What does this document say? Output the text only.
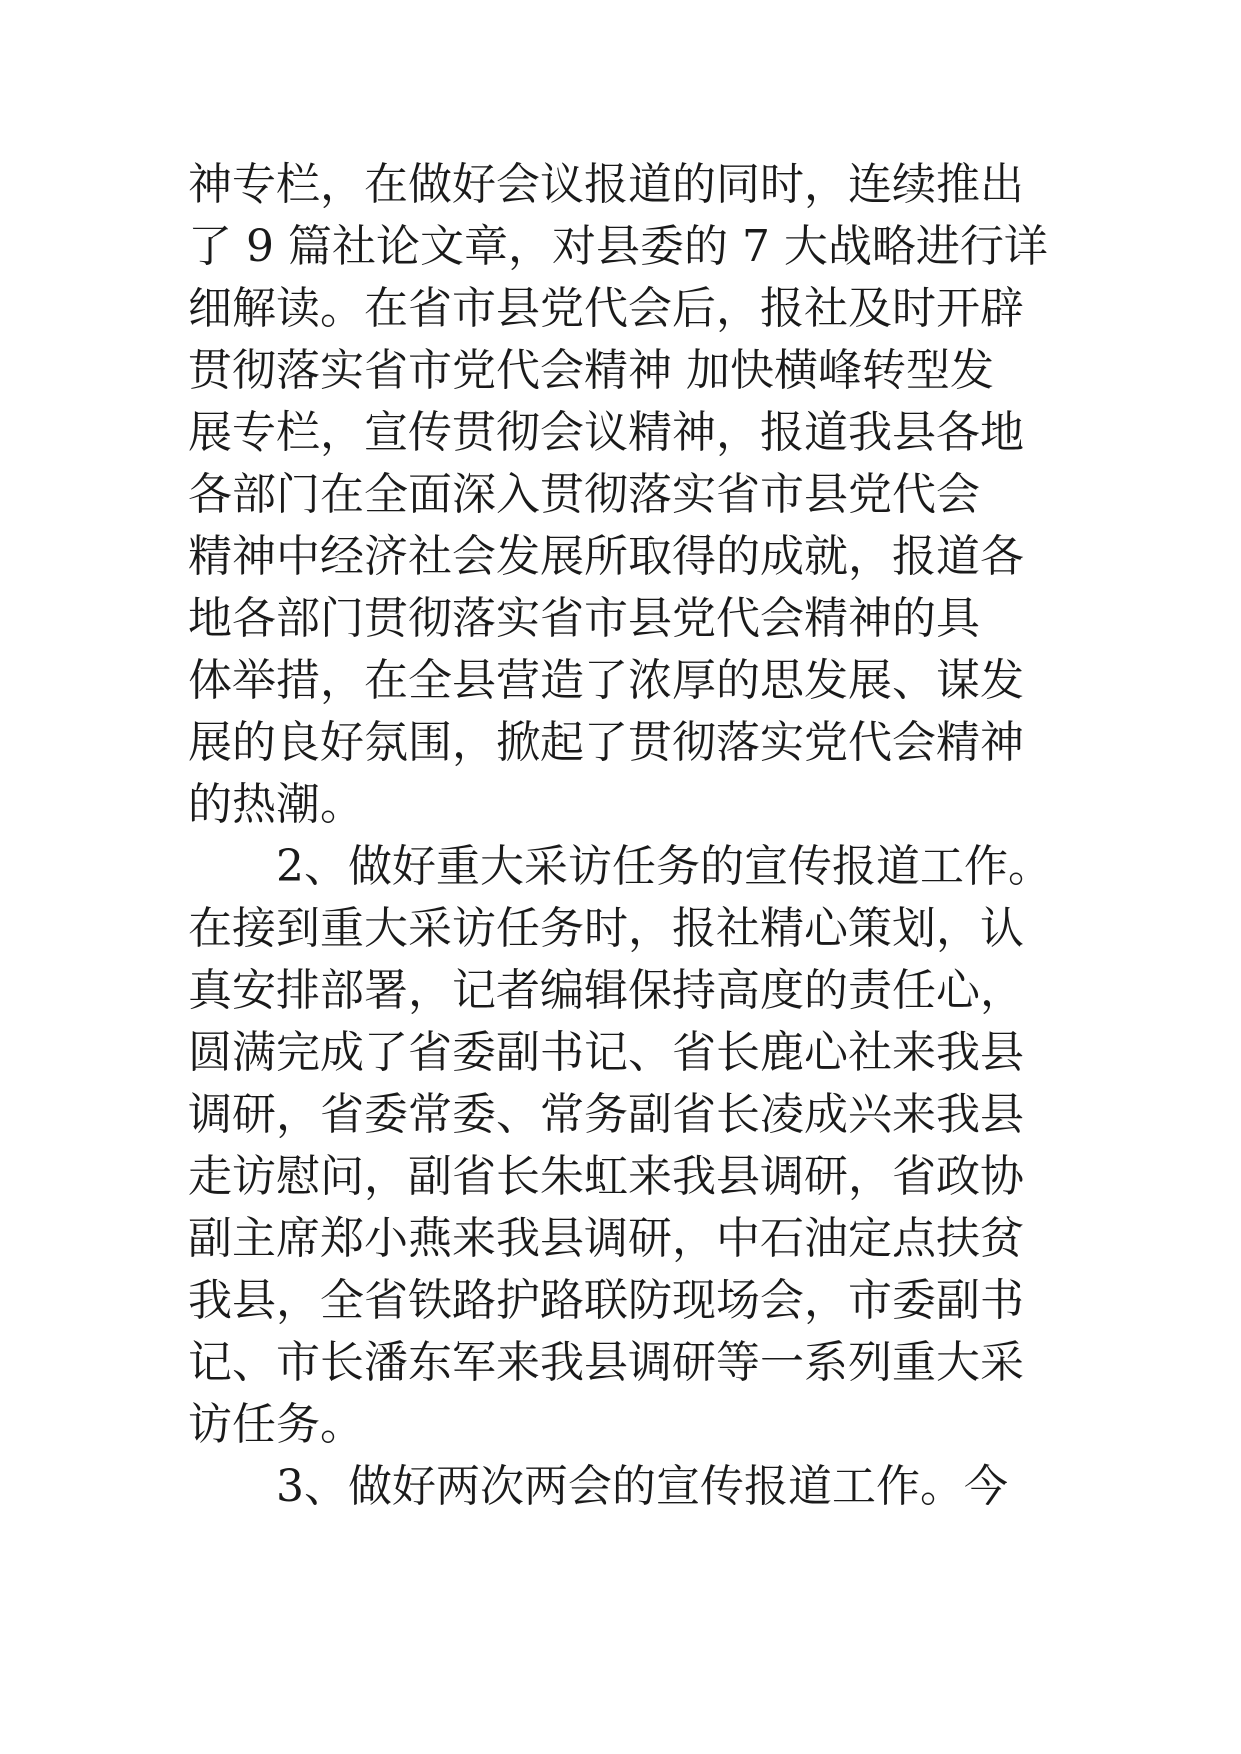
神专栏，在做好会议报道的同时，连续推出
了 9 篇社论文章，对县委的 7 大战略进行详
细解读。在省市县党代会后，报社及时开辟
贯彻落实省市党代会精神 加快横峰转型发
展专栏，宣传贯彻会议精神，报道我县各地
各部门在全面深入贯彻落实省市县党代会
精神中经济社会发展所取得的成就，报道各
地各部门贯彻落实省市县党代会精神的具
体举措，在全县营造了浓厚的思发展、谋发
展的良好氛围，掀起了贯彻落实党代会精神
的热潮。
　　2、做好重大采访任务的宣传报道工作。
在接到重大采访任务时，报社精心策划，认
真安排部署，记者编辑保持高度的责任心，
圆满完成了省委副书记、省长鹿心社来我县
调研，省委常委、常务副省长凌成兴来我县
走访慰问，副省长朱虹来我县调研，省政协
副主席郑小燕来我县调研，中石油定点扶贫
我县，全省铁路护路联防现场会，市委副书
记、市长潘东军来我县调研等一系列重大采
访任务。
　　3、做好两次两会的宣传报道工作。今
